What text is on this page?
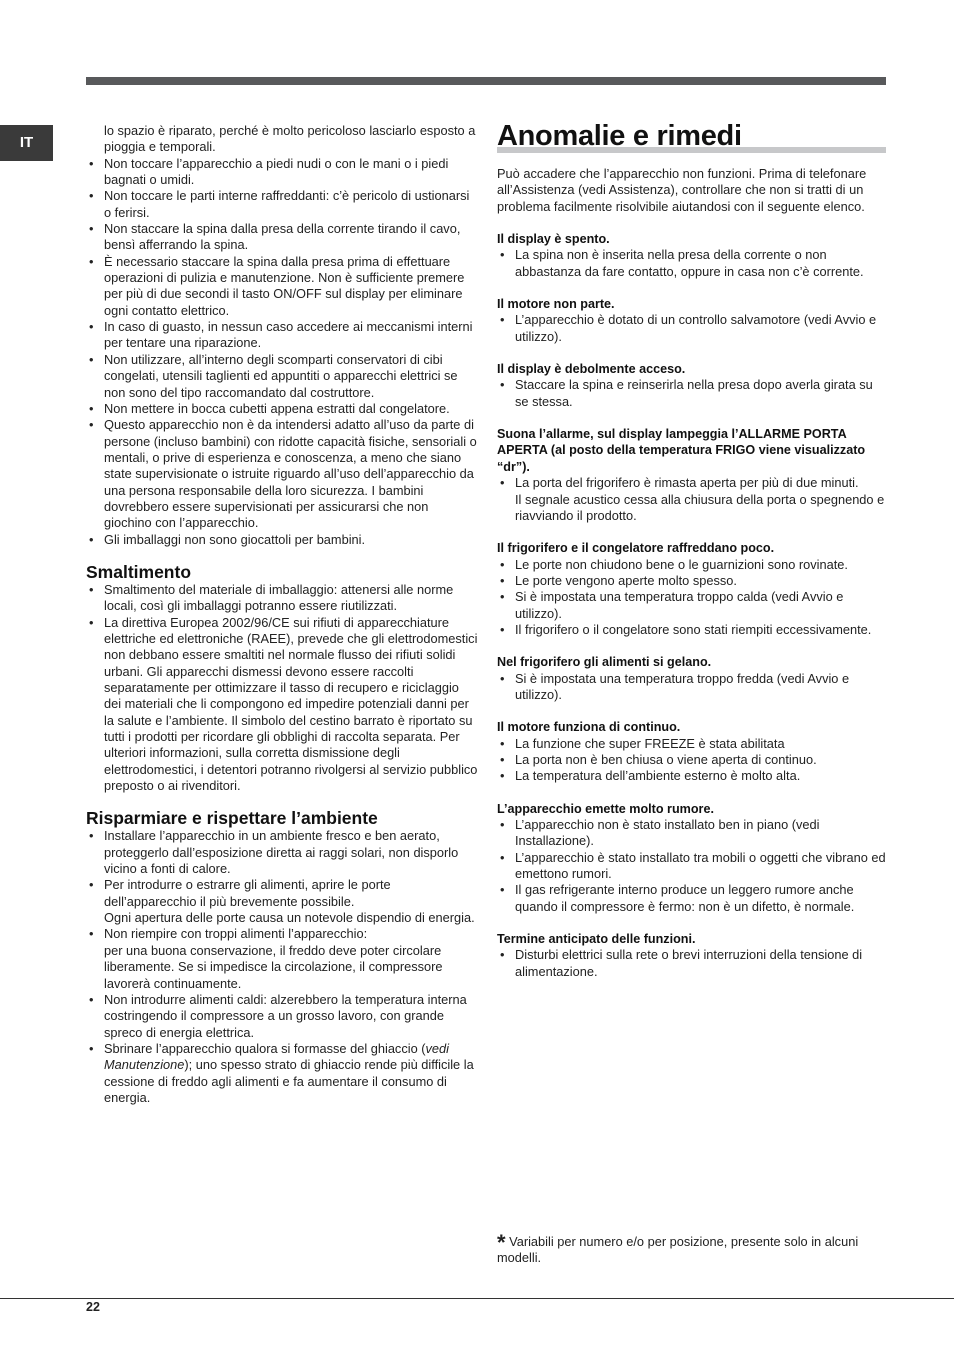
IT

lo spazio è riparato, perché è molto pericoloso lasciarlo esposto a pioggia e temporali.

• Non toccare l’apparecchio a piedi nudi o con le mani o i piedi bagnati o umidi.
• Non toccare le parti interne raffreddanti: c’è pericolo di ustionarsi o ferirsi.
• Non staccare la spina dalla presa della corrente tirando il cavo, bensì afferrando la spina.
• È necessario staccare la spina dalla presa prima di effettuare operazioni di pulizia e manutenzione. Non è sufficiente premere per più di due secondi il tasto ON/OFF sul display per eliminare ogni contatto elettrico.
• In caso di guasto, in nessun caso accedere ai meccanismi interni per tentare una riparazione.
• Non utilizzare, all’interno degli scomparti conservatori di cibi congelati, utensili taglienti ed appuntiti o apparecchi elettrici se non sono del tipo raccomandato dal costruttore.
• Non mettere in bocca cubetti appena estratti dal congelatore.
• Questo apparecchio non è da intendersi adatto all’uso da parte di persone (incluso bambini) con ridotte capacità fisiche, sensoriali o mentali, o prive di esperienza e conoscenza, a meno che siano state supervisionate o istruite riguardo all’uso dell’apparecchio da una persona responsabile della loro sicurezza. I bambini dovrebbero essere supervisionati per assicurarsi che non giochino con l’apparecchio.
• Gli imballaggi non sono giocattoli per bambini.
Smaltimento
• Smaltimento del materiale di imballaggio: attenersi alle norme locali, così gli imballaggi potranno essere riutilizzati.
• La direttiva Europea 2002/96/CE sui rifiuti di apparecchiature elettriche ed elettroniche (RAEE), prevede che gli elettrodomestici non debbano essere smaltiti nel normale flusso dei rifiuti solidi urbani. Gli apparecchi dismessi devono essere raccolti separatamente per ottimizzare il tasso di recupero e riciclaggio dei materiali che li compongono ed impedire potenziali danni per la salute e l’ambiente. Il simbolo del cestino barrato è riportato su tutti i prodotti per ricordare gli obblighi di raccolta separata. Per ulteriori informazioni, sulla corretta dismissione degli elettrodomestici, i detentori potranno rivolgersi al servizio pubblico preposto o ai rivenditori.
Risparmiare e rispettare l’ambiente
• Installare l’apparecchio in un ambiente fresco e ben aerato, proteggerlo dall’esposizione diretta ai raggi solari, non disporlo vicino a fonti di calore.
• Per introdurre o estrarre gli alimenti, aprire le porte dell’apparecchio il più brevemente possibile.
Ogni apertura delle porte causa un notevole dispendio di energia.
• Non riempire con troppi alimenti l’apparecchio:
per una buona conservazione, il freddo deve poter circolare liberamente. Se si impedisce la circolazione, il compressore lavorerà continuamente.
• Non introdurre alimenti caldi: alzerebbero la temperatura interna costringendo il compressore a un grosso lavoro, con grande spreco di energia elettrica.
• Sbrinare l’apparecchio qualora si formasse del ghiaccio (vedi Manutenzione); uno spesso strato di ghiaccio rende più difficile la cessione di freddo agli alimenti e fa aumentare il consumo di energia.
Anomalie e rimedi

Può accadere che l’apparecchio non funzioni. Prima di telefonare all’Assistenza (vedi Assistenza), controllare che non si tratti di un problema facilmente risolvibile aiutandosi con il seguente elenco.

Il display è spento.

• La spina non è inserita nella presa della corrente o non abbastanza da fare contatto, oppure in casa non c’è corrente.

Il motore non parte.

• L’apparecchio è dotato di un controllo salvamotore (vedi Avvio e utilizzo).

Il display è debolmente acceso.

• Staccare la spina e reinserirla nella presa dopo averla girata su se stessa.

Suona l’allarme, sul display lampeggia l’ALLARME PORTA APERTA (al posto della temperatura FRIGO viene visualizzato “dr”).

• La porta del frigorifero è rimasta aperta per più di due minuti.
Il segnale acustico cessa alla chiusura della porta o spegnendo e riavviando il prodotto.

Il frigorifero e il congelatore raffreddano poco.

• Le porte non chiudono bene o le guarnizioni sono rovinate.
• Le porte vengono aperte molto spesso.
• Si è impostata una temperatura troppo calda (vedi Avvio e utilizzo).
• Il frigorifero o il congelatore sono stati riempiti eccessivamente.

Nel frigorifero gli alimenti si gelano.

• Si è impostata una temperatura troppo fredda (vedi Avvio e utilizzo).

Il motore funziona di continuo.

• La funzione che super FREEZE è stata abilitata
• La porta non è ben chiusa o viene aperta di continuo.
• La temperatura dell’ambiente esterno è molto alta.

L’apparecchio emette molto rumore.

• L’apparecchio non è stato installato ben in piano (vedi Installazione).
• L’apparecchio è stato installato tra mobili o oggetti che vibrano ed emettono rumori.
• Il gas refrigerante interno produce un leggero rumore anche quando il compressore è fermo: non è un difetto, è normale.

Termine anticipato delle funzioni.

• Disturbi elettrici sulla rete o brevi interruzioni della tensione di alimentazione.
* Variabili per numero e/o per posizione, presente solo in alcuni modelli.
22
